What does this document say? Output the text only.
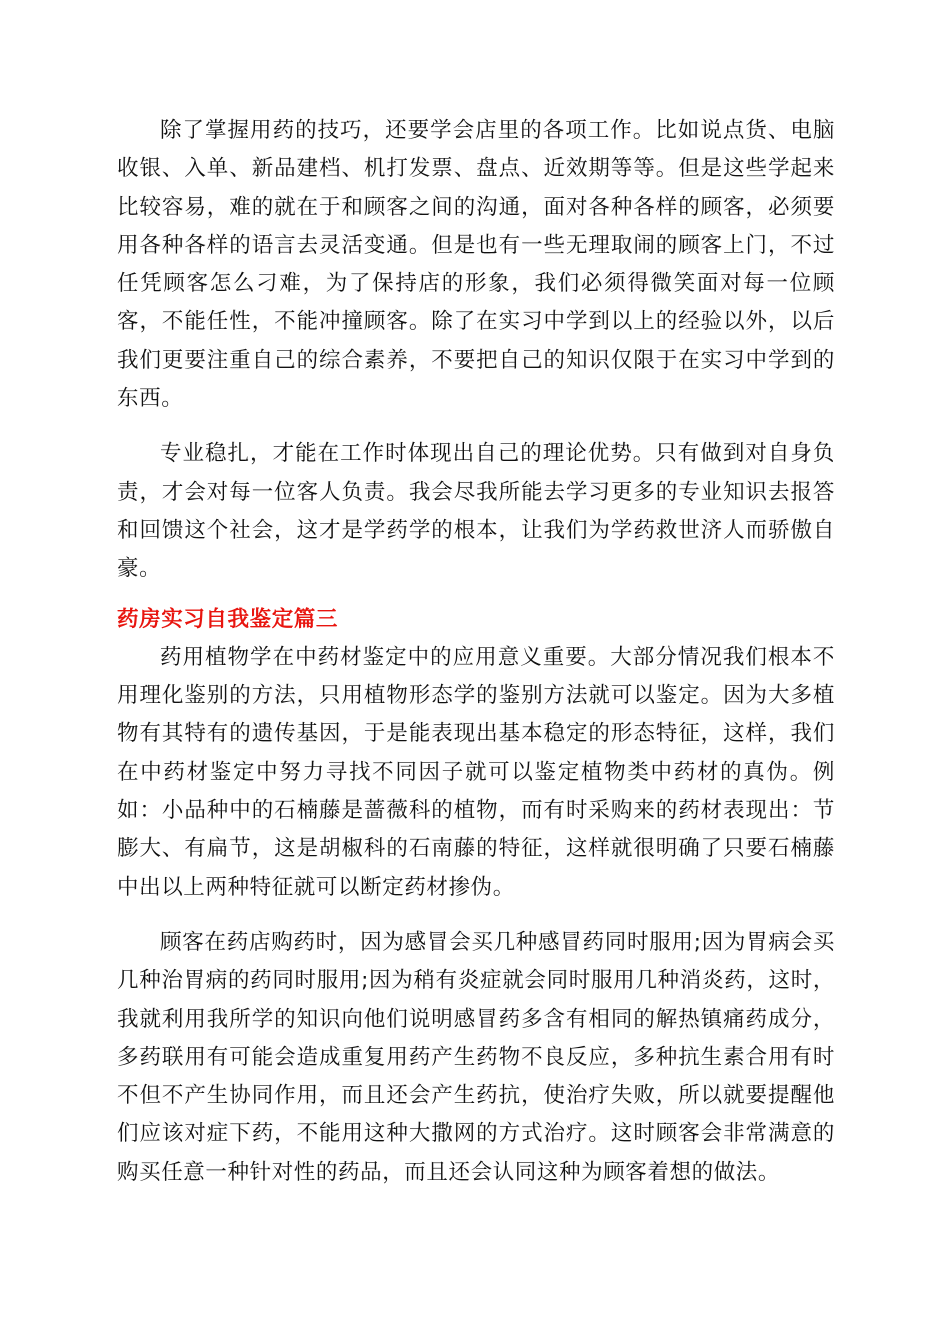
除了掌握用药的技巧，还要学会店里的各项工作。比如说点货、电脑收银、入单、新品建档、机打发票、盘点、近效期等等。但是这些学起来比较容易，难的就在于和顾客之间的沟通，面对各种各样的顾客，必须要用各种各样的语言去灵活变通。但是也有一些无理取闹的顾客上门，不过任凭顾客怎么刁难，为了保持店的形象，我们必须得微笑面对每一位顾客，不能任性，不能冲撞顾客。除了在实习中学到以上的经验以外，以后我们更要注重自己的综合素养，不要把自己的知识仅限于在实习中学到的东西。

专业稳扎，才能在工作时体现出自己的理论优势。只有做到对自身负责，才会对每一位客人负责。我会尽我所能去学习更多的专业知识去报答和回馈这个社会，这才是学药学的根本，让我们为学药救世济人而骄傲自豪。

药房实习自我鉴定篇三

药用植物学在中药材鉴定中的应用意义重要。大部分情况我们根本不用理化鉴别的方法，只用植物形态学的鉴别方法就可以鉴定。因为大多植物有其特有的遗传基因，于是能表现出基本稳定的形态特征，这样，我们在中药材鉴定中努力寻找不同因子就可以鉴定植物类中药材的真伪。例如：小品种中的石楠藤是蔷薇科的植物，而有时采购来的药材表现出：节膨大、有扁节，这是胡椒科的石南藤的特征，这样就很明确了只要石楠藤中出以上两种特征就可以断定药材掺伪。

顾客在药店购药时，因为感冒会买几种感冒药同时服用;因为胃病会买几种治胃病的药同时服用;因为稍有炎症就会同时服用几种消炎药，这时，我就利用我所学的知识向他们说明感冒药多含有相同的解热镇痛药成分，多药联用有可能会造成重复用药产生药物不良反应，多种抗生素合用有时不但不产生协同作用，而且还会产生药抗，使治疗失败，所以就要提醒他们应该对症下药，不能用这种大撒网的方式治疗。这时顾客会非常满意的购买任意一种针对性的药品，而且还会认同这种为顾客着想的做法。
